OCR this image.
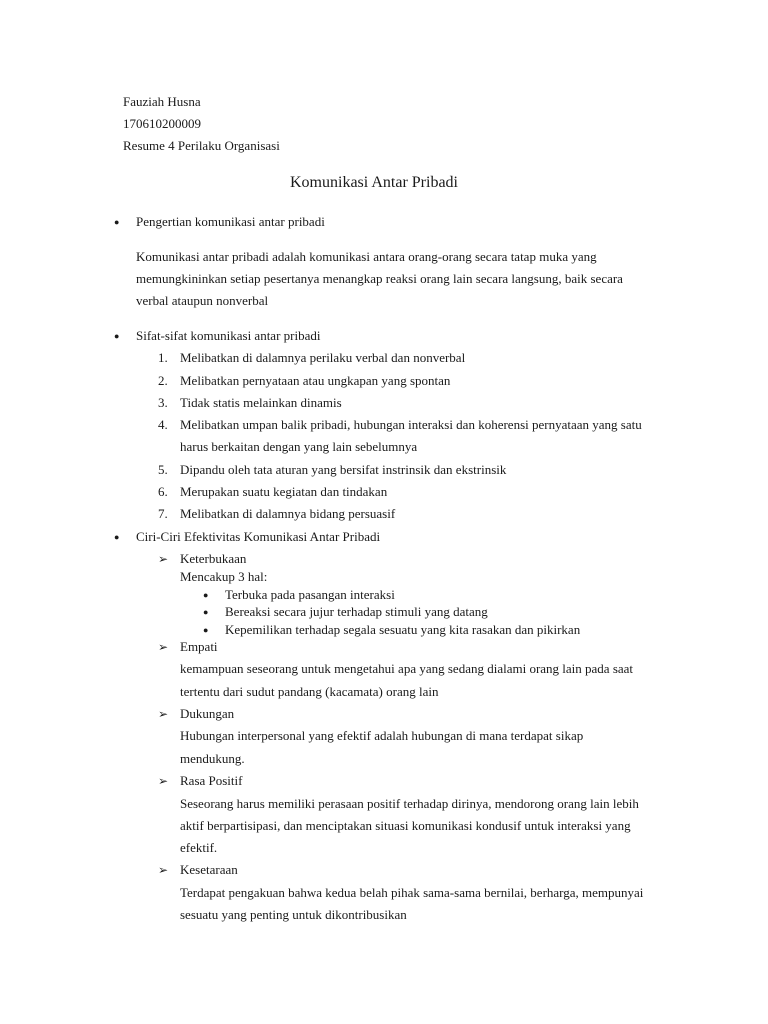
Fauziah Husna
170610200009
Resume 4 Perilaku Organisasi
Komunikasi Antar Pribadi
● Pengertian komunikasi antar pribadi
Komunikasi antar pribadi adalah komunikasi antara orang-orang secara tatap muka yang
memungkininkan setiap pesertanya menangkap reaksi orang lain secara langsung, baik secara
verbal ataupun nonverbal
● Sifat-sifat komunikasi antar pribadi
1. Melibatkan di dalamnya perilaku verbal dan nonverbal
2. Melibatkan pernyataan atau ungkapan yang spontan
3. Tidak statis melainkan dinamis
4. Melibatkan umpan balik pribadi, hubungan interaksi dan koherensi pernyataan yang satu
harus berkaitan dengan yang lain sebelumnya
5. Dipandu oleh tata aturan yang bersifat instrinsik dan ekstrinsik
6. Merupakan suatu kegiatan dan tindakan
7. Melibatkan di dalamnya bidang persuasif
● Ciri-Ciri Efektivitas Komunikasi Antar Pribadi
➢ Keterbukaan
Mencakup 3 hal:
● Terbuka pada pasangan interaksi
● Bereaksi secara jujur terhadap stimuli yang datang
● Kepemilikan terhadap segala sesuatu yang kita rasakan dan pikirkan
➢ Empati
kemampuan seseorang untuk mengetahui apa yang sedang dialami orang lain pada saat
tertentu dari sudut pandang (kacamata) orang lain
➢ Dukungan
Hubungan interpersonal yang efektif adalah hubungan di mana terdapat sikap
mendukung.
➢ Rasa Positif
Seseorang harus memiliki perasaan positif terhadap dirinya, mendorong orang lain lebih
aktif berpartisipasi, dan menciptakan situasi komunikasi kondusif untuk interaksi yang
efektif.
➢ Kesetaraan
Terdapat pengakuan bahwa kedua belah pihak sama-sama bernilai, berharga, mempunyai
sesuatu yang penting untuk dikontribusikan
